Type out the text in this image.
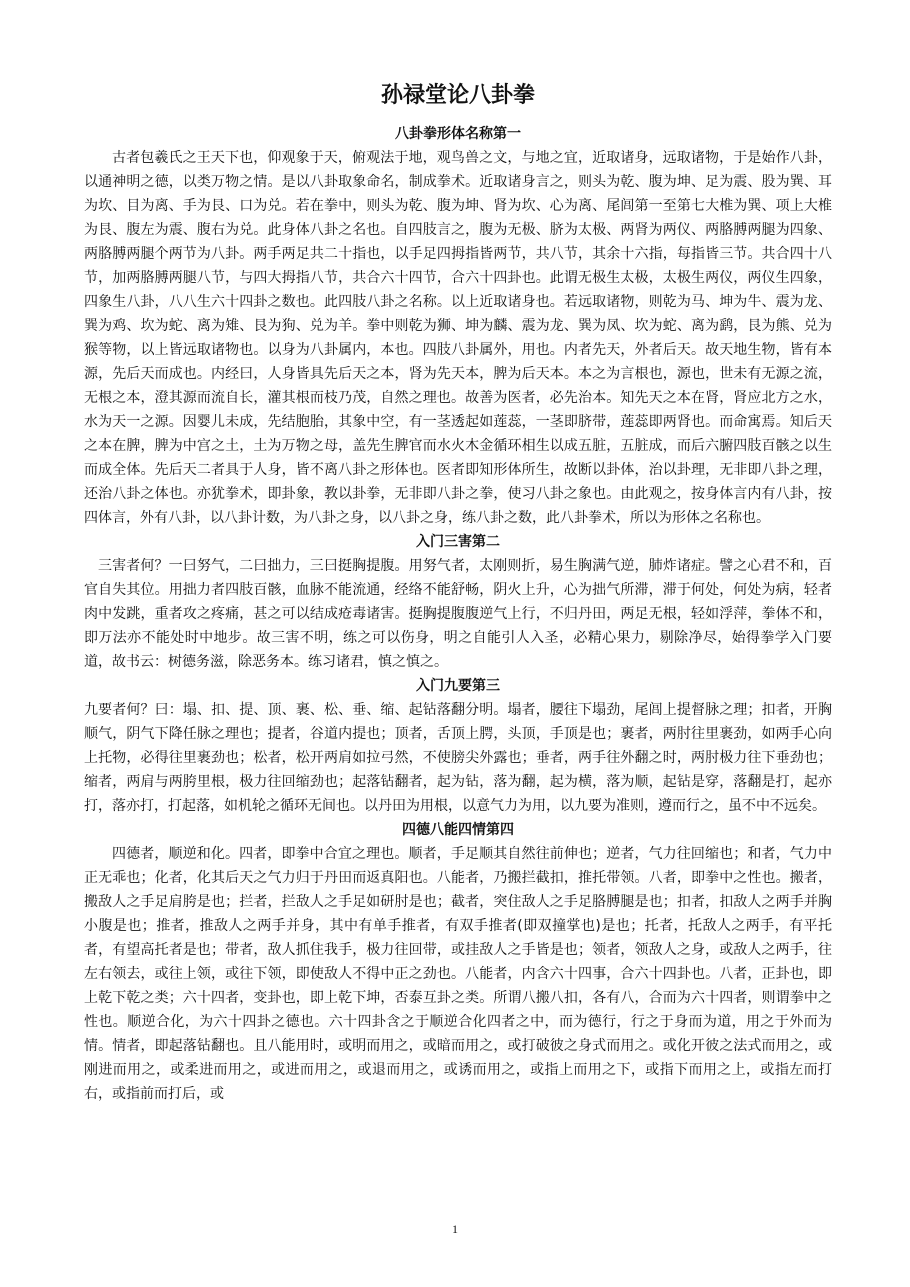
孙禄堂论八卦拳
八卦拳形体名称第一

古者包羲氏之王天下也，仰观象于天，俯观法于地，观鸟兽之文，与地之宜，近取诸身，远取诸物，于是始作八卦，以通神明之德，以类万物之情。是以八卦取象命名，制成拳术。近取诸身言之，则头为乾、腹为坤、足为震、股为巽、耳为坎、目为离、手为艮、口为兑。若在拳中，则头为乾、腹为坤、肾为坎、心为离、尾闾第一至第七大椎为巽、项上大椎为艮、腹左为震、腹右为兑。此身体八卦之名也。自四肢言之，腹为无极、脐为太极、两肾为两仪、两胳膊两腿为四象、两胳膊两腿个两节为八卦。两手两足共二十指也，以手足四拇指皆两节，共八节，其余十六指，每指皆三节。共合四十八节，加两胳膊两腿八节，与四大拇指八节，共合六十四节，合六十四卦也。此谓无极生太极，太极生两仪，两仪生四象，四象生八卦，八八生六十四卦之数也。此四肢八卦之名称。以上近取诸身也。若远取诸物，则乾为马、坤为牛、震为龙、巽为鸡、坎为蛇、离为雉、艮为狗、兑为羊。拳中则乾为狮、坤为麟、震为龙、巽为凤、坎为蛇、离为鹞，艮为熊、兑为猴等物，以上皆远取诸物也。以身为八卦属内，本也。四肢八卦属外，用也。内者先天，外者后天。故天地生物，皆有本源，先后天而成也。内经曰，人身皆具先后天之本，肾为先天本，脾为后天本。本之为言根也，源也，世未有无源之流，无根之本，澄其源而流自长，灌其根而枝乃茂，自然之理也。故善为医者，必先治本。知先天之本在肾，肾应北方之水，水为天一之源。因婴儿未成，先结胞胎，其象中空，有一茎透起如莲蕊，一茎即脐带，莲蕊即两肾也。而命寓焉。知后天之本在脾，脾为中宫之土，土为万物之母，盖先生脾官而水火木金循环相生以成五脏，五脏成，而后六腑四肢百骸之以生而成全体。先后天二者具于人身，皆不离八卦之形体也。医者即知形体所生，故断以卦体，治以卦理，无非即八卦之理，还治八卦之体也。亦犹拳术，即卦象，教以卦拳，无非即八卦之拳，使习八卦之象也。由此观之，按身体言内有八卦，按四体言，外有八卦，以八卦计数，为八卦之身，以八卦之身，练八卦之数，此八卦拳术，所以为形体之名称也。

入门三害第二

三害者何？一曰努气，二曰拙力，三曰挺胸提腹。用努气者，太刚则折，易生胸满气逆，肺炸诸症。譬之心君不和，百官自失其位。用拙力者四肢百骸，血脉不能流通，经络不能舒畅，阴火上升，心为拙气所滞，滞于何处，何处为病，轻者肉中发跳，重者攻之疼痛，甚之可以结成疮毒诸害。挺胸提腹腹逆气上行，不归丹田，两足无根，轻如浮萍，拳体不和，即万法亦不能处时中地步。故三害不明，练之可以伤身，明之自能引人入圣，必精心果力，剔除净尽，始得拳学入门要道，故书云：树德务滋，除恶务本。练习诸君，慎之慎之。

入门九要第三

九要者何？曰：塌、扣、提、顶、裹、松、垂、缩、起钻落翻分明。塌者，腰往下塌劲，尾闾上提督脉之理；扣者，开胸顺气，阴气下降任脉之理也；提者，谷道内提也；顶者，舌顶上腭，头顶，手顶是也；裹者，两肘往里裹劲，如两手心向上托物，必得往里裹劲也；松者，松开两肩如拉弓然，不使膀尖外露也；垂者，两手往外翻之时，两肘极力往下垂劲也；缩者，两肩与两胯里根，极力往回缩劲也；起落钻翻者，起为钻，落为翻，起为横，落为顺，起钻是穿，落翻是打，起亦打，落亦打，打起落，如机轮之循环无间也。以丹田为用根，以意气力为用，以九要为准则，遵而行之，虽不中不远矣。

四德八能四情第四

四德者，顺逆和化。四者，即拳中合宜之理也。顺者，手足顺其自然往前伸也；逆者，气力往回缩也；和者，气力中正无乖也；化者，化其后天之气力归于丹田而返真阳也。八能者，乃搬拦截扣，推托带领。八者，即拳中之性也。搬者，搬敌人之手足肩胯是也；拦者，拦敌人之手足如研肘是也；截者，突住敌人之手足胳膊腿是也；扣者，扣敌人之两手并胸小腹是也；推者，推敌人之两手并身，其中有单手推者，有双手推者(即双撞掌也)是也；托者，托敌人之两手，有平托者，有望高托者是也；带者，敌人抓住我手，极力往回带，或挂敌人之手皆是也；领者，领敌人之身，或敌人之两手，往左右领去，或往上领，或往下领，即使敌人不得中正之劲也。八能者，内含六十四事，合六十四卦也。八者，正卦也，即上乾下乾之类；六十四者，变卦也，即上乾下坤，否泰互卦之类。所谓八搬八扣，各有八，合而为六十四者，则谓拳中之性也。顺逆合化，为六十四卦之德也。六十四卦含之于顺逆合化四者之中，而为德行，行之于身而为道，用之于外而为情。情者，即起落钻翻也。且八能用时，或明而用之，或暗而用之，或打破彼之身式而用之。或化开彼之法式而用之，或刚进而用之，或柔进而用之，或进而用之，或退而用之，或诱而用之，或指上而用之下，或指下而用之上，或指左而打右，或指前而打后，或

1
